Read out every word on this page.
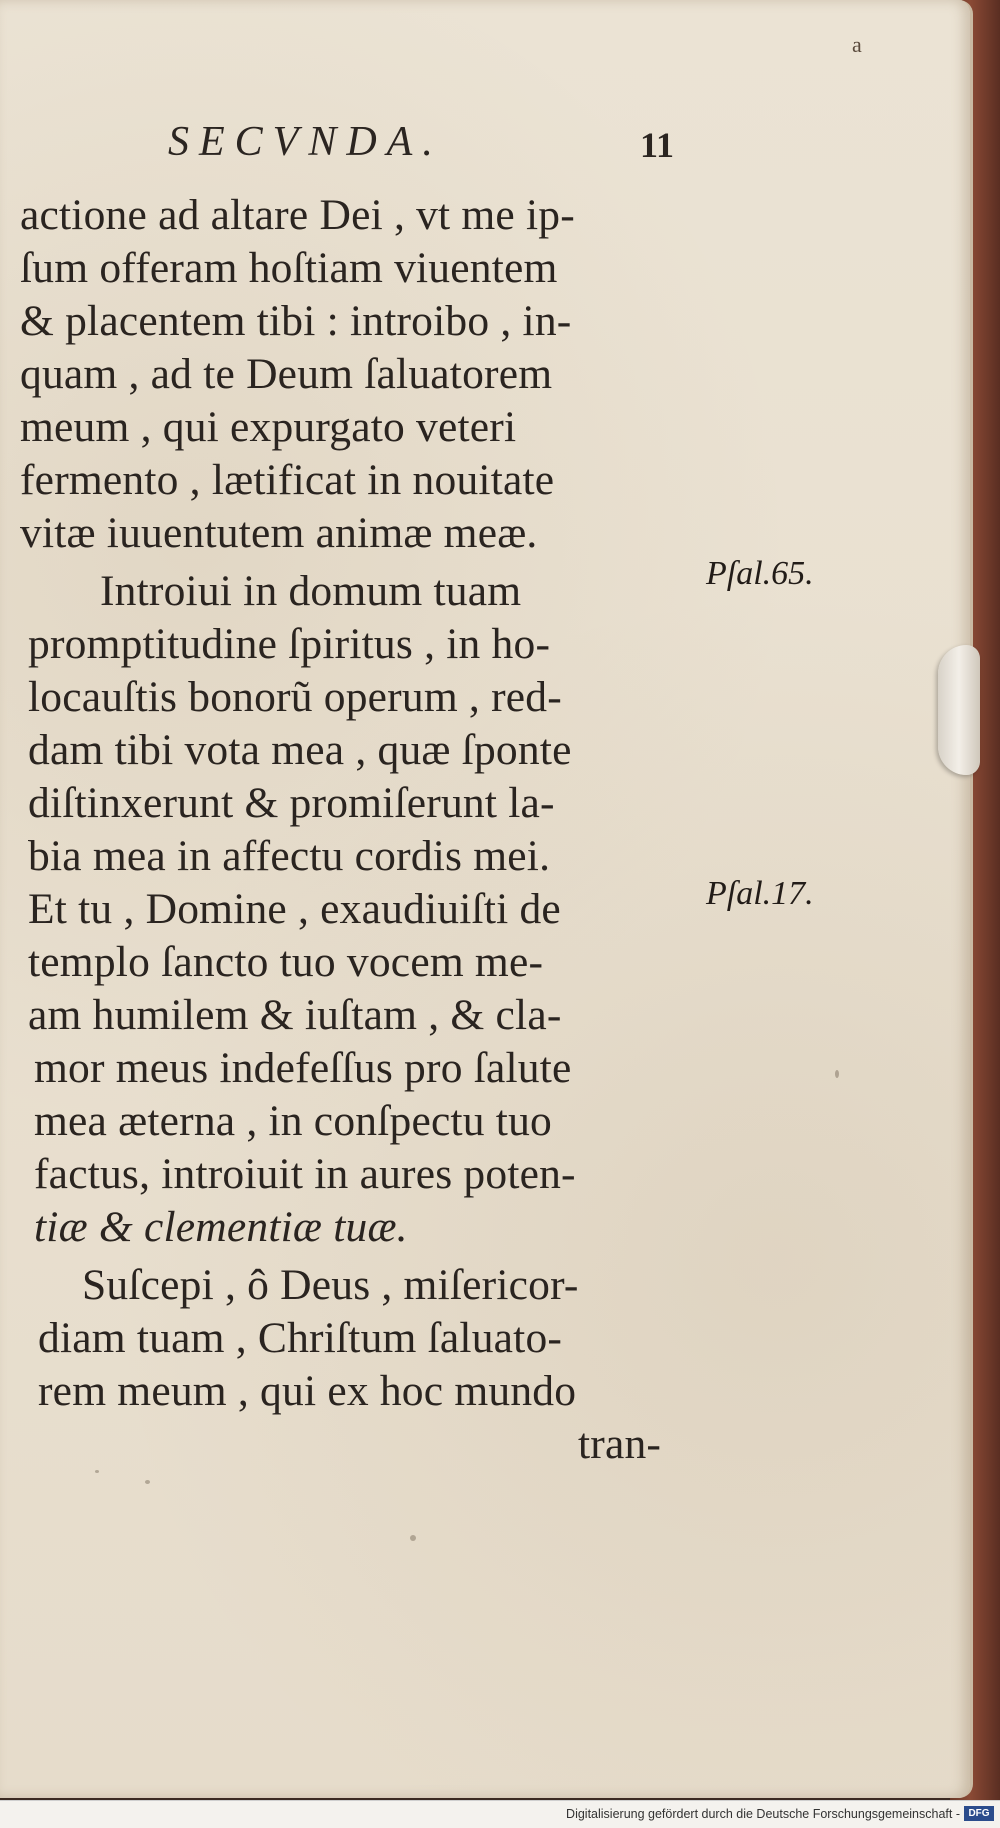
a
SECVNDA.	11
actione ad altare Dei , vt me ip-
ſum offeram hoſtiam viuentem
& placentem tibi : introibo , in-
quam , ad te Deum ſaluatorem
meum , qui expurgato veteri
fermento , lætificat in nouitate
vitæ iuuentutem animæ meæ.
Introiui in domum tuam
promptitudine ſpiritus , in ho-
locauſtis bonorũ operum , red-
dam tibi vota mea , quæ ſponte
diſtinxerunt & promiſerunt la-
bia mea in affectu cordis mei.
Et tu , Domine , exaudiuiſti de
templo ſancto tuo vocem me-
am humilem & iuſtam , & cla-
mor meus indefeſſus pro ſalute
mea æterna , in conſpectu tuo
factus, introiuit in aures poten-
tiæ & clementiæ tuæ.
Suſcepi , ô Deus , miſericor-
diam tuam , Chriſtum ſaluato-
rem meum , qui ex hoc mundo
tran-
Pſal.65.
Pſal.17.
Digitalisierung gefördert durch die Deutsche Forschungsgemeinschaft - DFG
